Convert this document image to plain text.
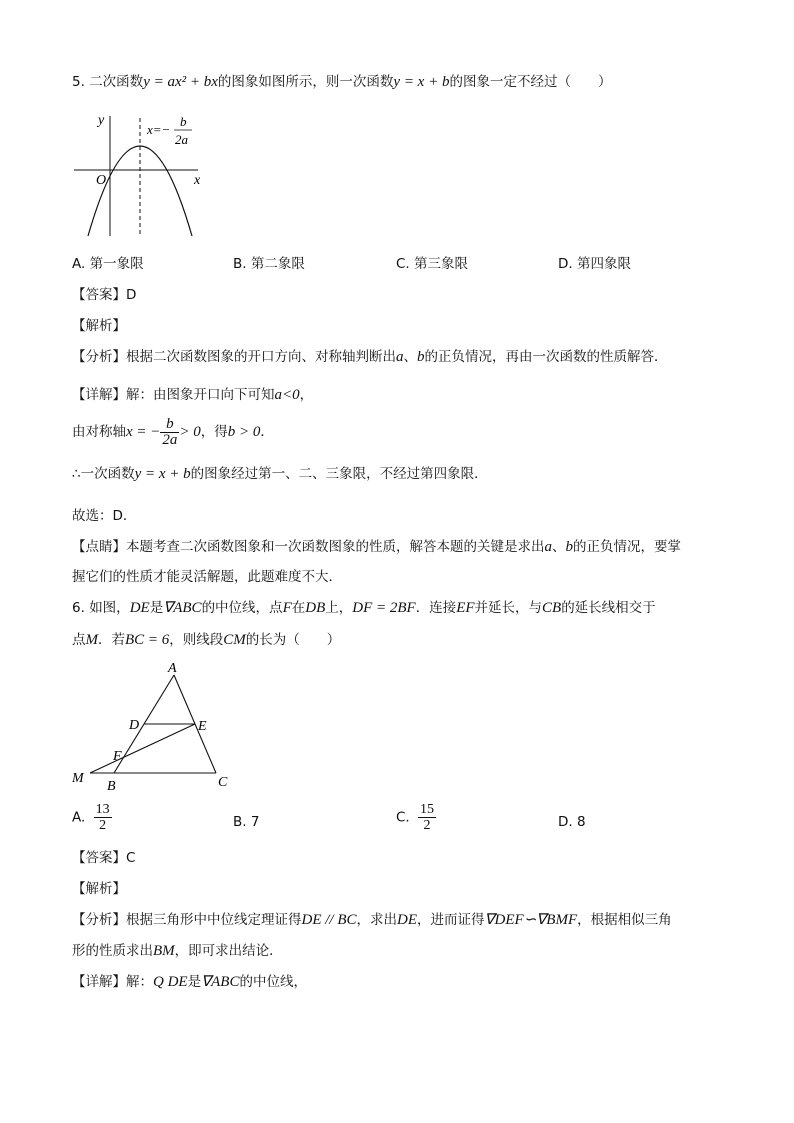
5. 二次函数y = ax² + bx的图象如图所示，则一次函数y = x + b的图象一定不经过（　　）
y
x
O
x=−
b
2a
A. 第一象限	B. 第二象限	C. 第三象限	D. 第四象限
【答案】D
【解析】
【分析】根据二次函数图象的开口方向、对称轴判断出a、b的正负情况，再由一次函数的性质解答．
【详解】解：由图象开口向下可知a<0，
由对称轴x = − $\frac{b}{2a} > 0$，得b > 0．
∴一次函数y = x + b的图象经过第一、二、三象限，不经过第四象限．
故选：D．
【点睛】本题考查二次函数图象和一次函数图象的性质，解答本题的关键是求出a、b的正负情况，要掌
握它们的性质才能灵活解题，此题难度不大．
6. 如图，DE是∇ABC的中位线，点F在DB上，DF = 2BF．连接EF并延长，与CB的延长线相交于
点M．若BC = 6，则线段CM的长为（　　）
A
D	E
F
M
B	C
A. $\frac{13}{2}$	B. 7	C. $\frac{15}{2}$	D. 8
【答案】C
【解析】
【分析】根据三角形中中位线定理证得DE // BC，求出DE，进而证得∇DEF∽∇BMF，根据相似三角
形的性质求出BM，即可求出结论．
【详解】解：Q DE是∇ABC的中位线，
